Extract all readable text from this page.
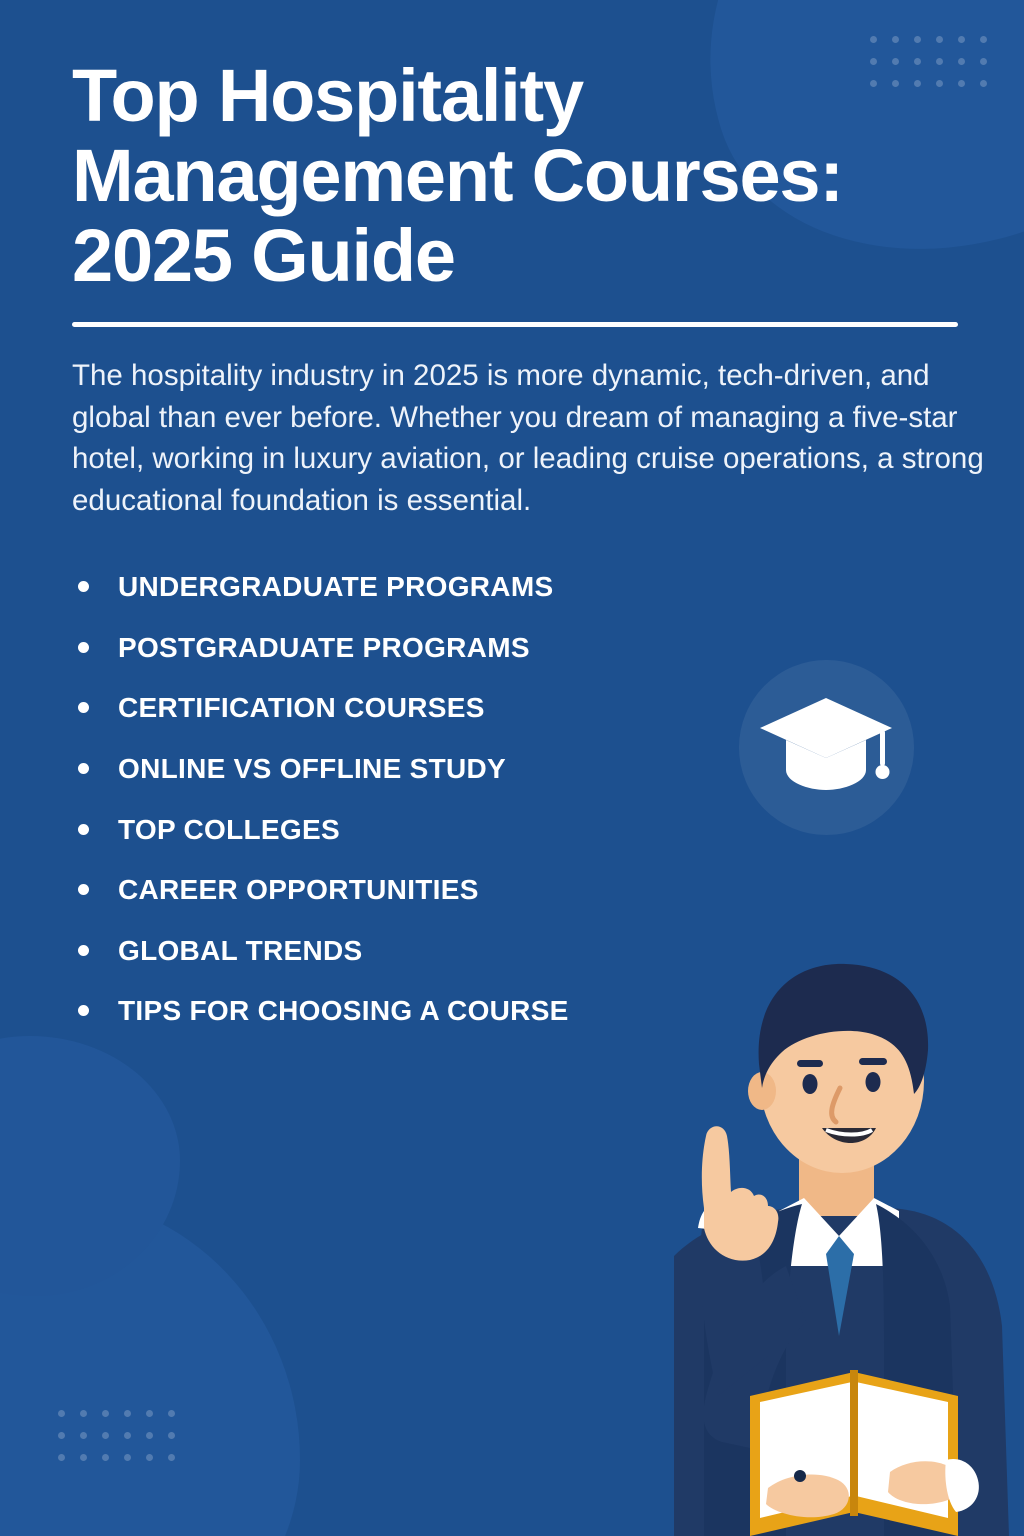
Top Hospitality Management Courses: 2025 Guide

The hospitality industry in 2025 is more dynamic, tech-driven, and global than ever before. Whether you dream of managing a five-star hotel, working in luxury aviation, or leading cruise operations, a strong educational foundation is essential.

UNDERGRADUATE PROGRAMS
POSTGRADUATE PROGRAMS
CERTIFICATION COURSES
ONLINE VS OFFLINE STUDY
TOP COLLEGES
CAREER OPPORTUNITIES
GLOBAL TRENDS
TIPS FOR CHOOSING A COURSE
